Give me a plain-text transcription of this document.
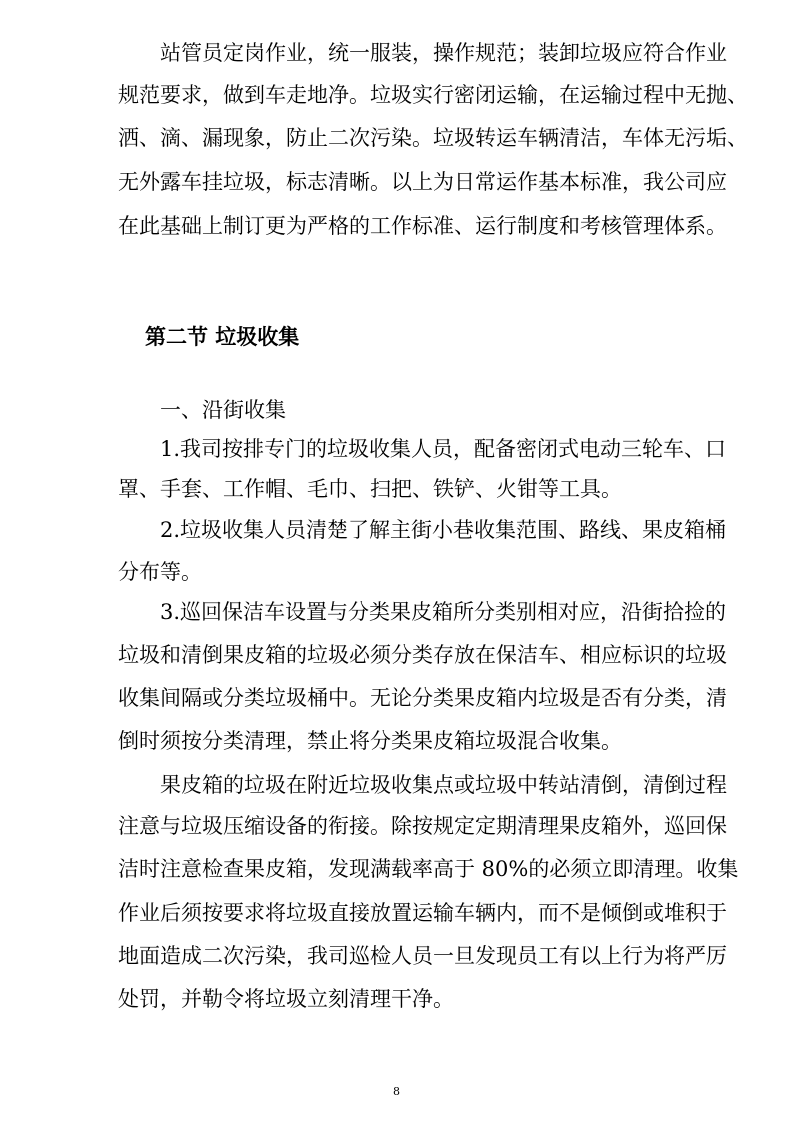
站管员定岗作业，统一服装，操作规范；装卸垃圾应符合作业
规范要求，做到车走地净。垃圾实行密闭运输，在运输过程中无抛、
洒、滴、漏现象，防止二次污染。垃圾转运车辆清洁，车体无污垢、
无外露车挂垃圾，标志清晰。以上为日常运作基本标准，我公司应
在此基础上制订更为严格的工作标准、运行制度和考核管理体系。
第二节 垃圾收集
一、沿街收集
1.我司按排专门的垃圾收集人员，配备密闭式电动三轮车、口
罩、手套、工作帽、毛巾、扫把、铁铲、火钳等工具。
2.垃圾收集人员清楚了解主街小巷收集范围、路线、果皮箱桶
分布等。
3.巡回保洁车设置与分类果皮箱所分类别相对应，沿街拾捡的
垃圾和清倒果皮箱的垃圾必须分类存放在保洁车、相应标识的垃圾
收集间隔或分类垃圾桶中。无论分类果皮箱内垃圾是否有分类，清
倒时须按分类清理，禁止将分类果皮箱垃圾混合收集。
果皮箱的垃圾在附近垃圾收集点或垃圾中转站清倒，清倒过程
注意与垃圾压缩设备的衔接。除按规定定期清理果皮箱外，巡回保
洁时注意检查果皮箱，发现满载率高于 80%的必须立即清理。收集
作业后须按要求将垃圾直接放置运输车辆内，而不是倾倒或堆积于
地面造成二次污染，我司巡检人员一旦发现员工有以上行为将严厉
处罚，并勒令将垃圾立刻清理干净。
8
